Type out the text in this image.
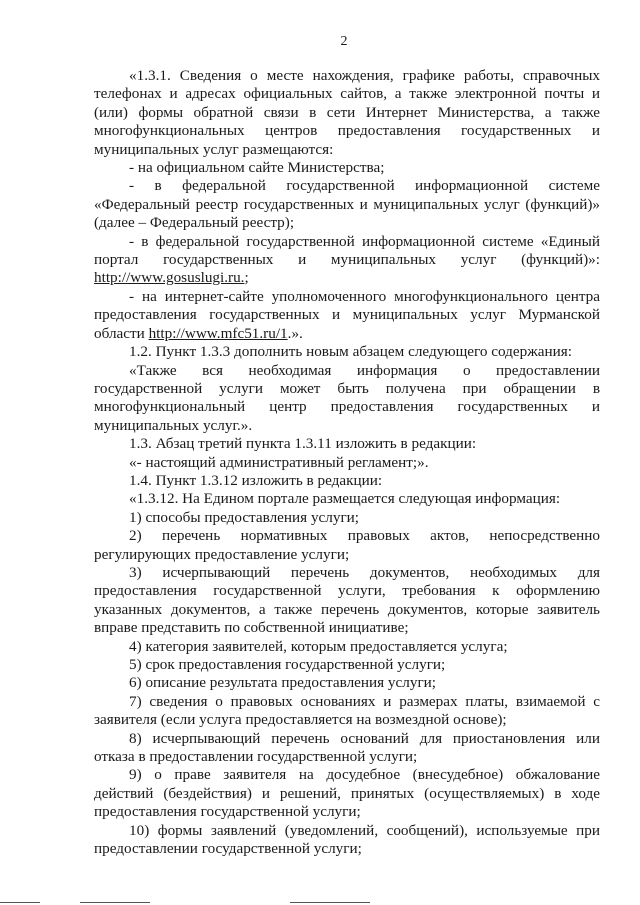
2

«1.3.1. Сведения о месте нахождения, графике работы, справочных телефонах и адресах официальных сайтов, а также электронной почты и (или) формы обратной связи в сети Интернет Министерства, а также многофункциональных центров предоставления государственных и муниципальных услуг размещаются:

- на официальном сайте Министерства;

- в федеральной государственной информационной системе «Федеральный реестр государственных и муниципальных услуг (функций)» (далее – Федеральный реестр);

- в федеральной государственной информационной системе «Единый портал государственных и муниципальных услуг (функций)»: http://www.gosuslugi.ru.;

- на интернет-сайте уполномоченного многофункционального центра предоставления государственных и муниципальных услуг Мурманской области http://www.mfc51.ru/1.».

1.2. Пункт 1.3.3 дополнить новым абзацем следующего содержания:

«Также вся необходимая информация о предоставлении государственной услуги может быть получена при обращении в многофункциональный центр предоставления государственных и муниципальных услуг.».

1.3. Абзац третий пункта 1.3.11 изложить в редакции:

«- настоящий административный регламент;».

1.4. Пункт 1.3.12 изложить в редакции:

«1.3.12. На Едином портале размещается следующая информация:

1) способы предоставления услуги;

2) перечень нормативных правовых актов, непосредственно регулирующих предоставление услуги;

3) исчерпывающий перечень документов, необходимых для предоставления государственной услуги, требования к оформлению указанных документов, а также перечень документов, которые заявитель вправе представить по собственной инициативе;

4) категория заявителей, которым предоставляется услуга;

5) срок предоставления государственной услуги;

6) описание результата предоставления услуги;

7) сведения о правовых основаниях и размерах платы, взимаемой с заявителя (если услуга предоставляется на возмездной основе);

8) исчерпывающий перечень оснований для приостановления или отказа в предоставлении государственной услуги;

9) о праве заявителя на досудебное (внесудебное) обжалование действий (бездействия) и решений, принятых (осуществляемых) в ходе предоставления государственной услуги;

10) формы заявлений (уведомлений, сообщений), используемые при предоставлении государственной услуги;
